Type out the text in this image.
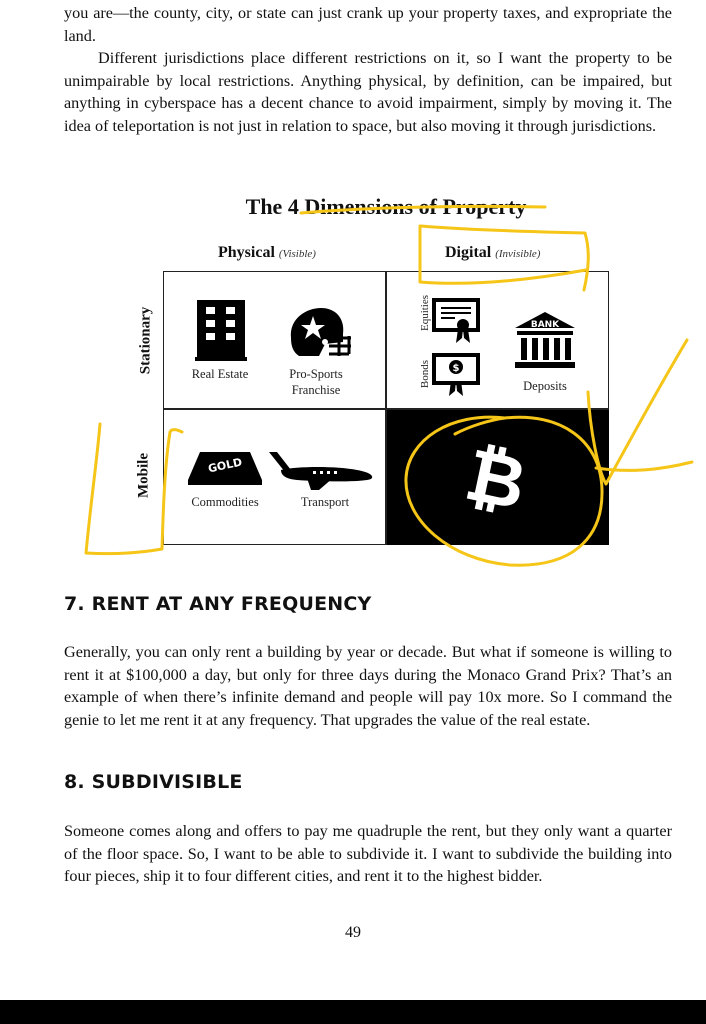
you are—the county, city, or state can just crank up your property taxes, and expropriate the land.

Different jurisdictions place different restrictions on it, so I want the property to be unimpairable by local restrictions. Anything physical, by definition, can be impaired, but anything in cyberspace has a decent chance to avoid impairment, simply by moving it. The idea of teleportation is not just in relation to space, but also moving it through jurisdictions.

The 4 Dimensions of Property
Physical (Visible)	Digital (Invisible)
Stationary
Mobile
Real Estate	Pro-Sports
Franchise
Equities
Bonds $
BANK
Deposits
GOLD
Commodities	Transport ₿
7. RENT AT ANY FREQUENCY

Generally, you can only rent a building by year or decade. But what if someone is willing to rent it at $100,000 a day, but only for three days during the Monaco Grand Prix? That’s an example of when there’s infinite demand and people will pay 10x more. So I command the genie to let me rent it at any frequency. That upgrades the value of the real estate.

8. SUBDIVISIBLE

Someone comes along and offers to pay me quadruple the rent, but they only want a quarter of the floor space. So, I want to be able to subdivide it. I want to subdivide the building into four pieces, ship it to four different cities, and rent it to the highest bidder.

49
